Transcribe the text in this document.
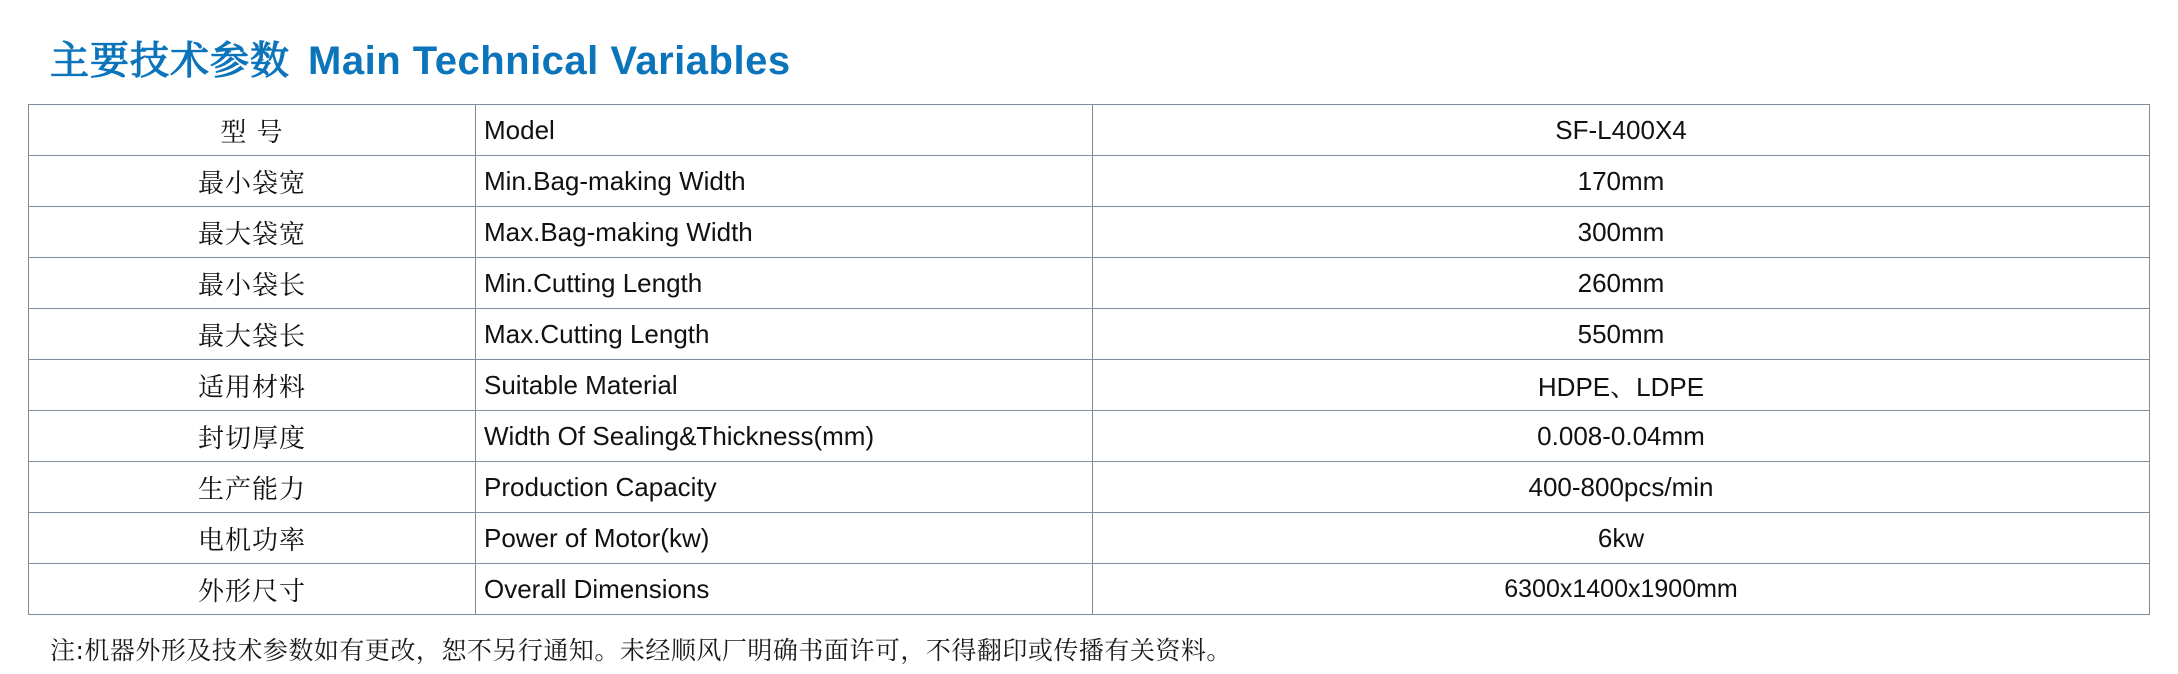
主要技术参数 Main Technical Variables
型 号	Model	SF-L400X4
最小袋宽	Min.Bag-making Width	170mm
最大袋宽	Max.Bag-making Width	300mm
最小袋长	Min.Cutting Length	260mm
最大袋长	Max.Cutting Length	550mm
适用材料	Suitable Material	HDPE、LDPE
封切厚度	Width Of Sealing&Thickness(mm)	0.008-0.04mm
生产能力	Production Capacity	400-800pcs/min
电机功率	Power of Motor(kw)	6kw
外形尺寸	Overall Dimensions	6300x1400x1900mm
注:机器外形及技术参数如有更改，恕不另行通知。未经顺风厂明确书面许可，不得翻印或传播有关资料。
